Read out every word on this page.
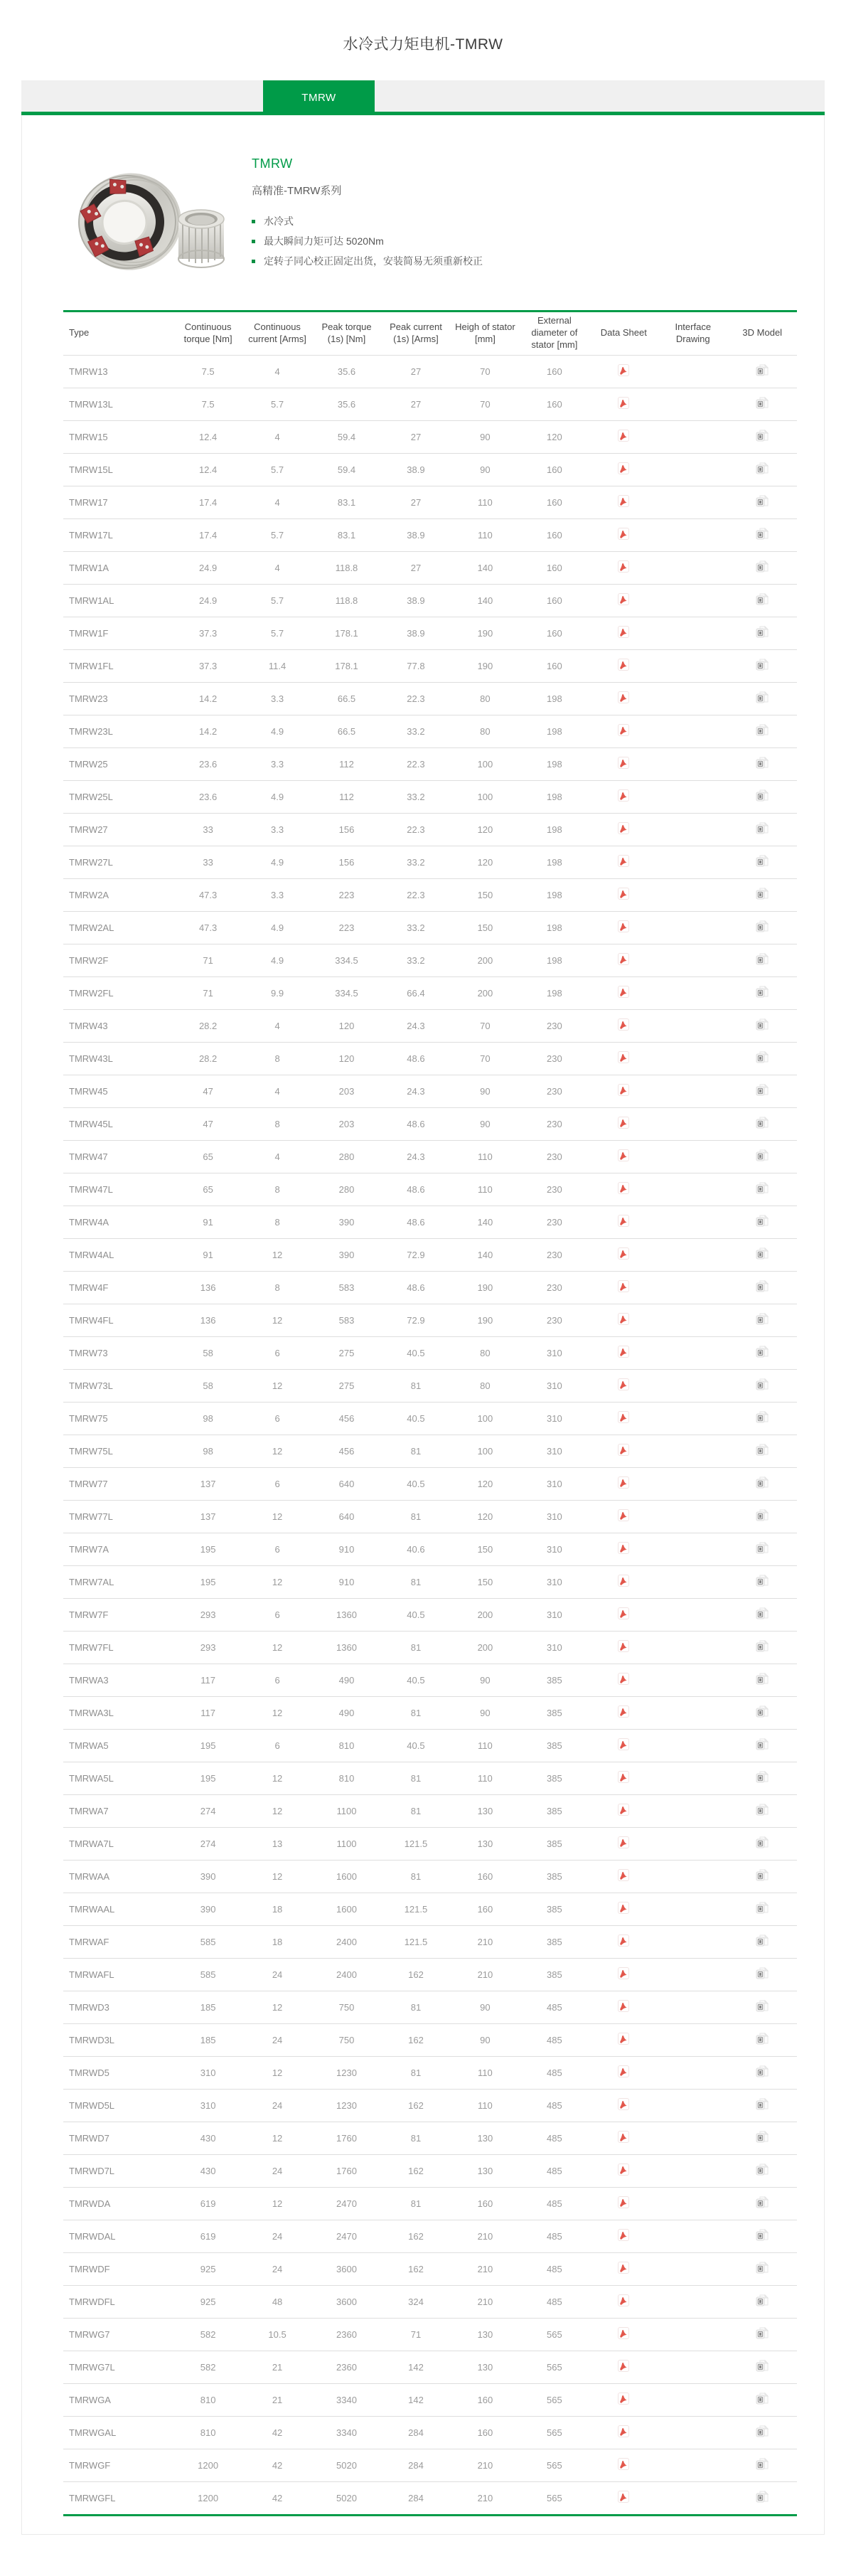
水冷式力矩电机-TMRW
TMRW
TMRW
高精准-TMRW系列
水冷式
最大瞬间力矩可达 5020Nm
定转子同心校正固定出货，安装简易无须重新校正
Type	Continuous torque [Nm]	Continuous current [Arms]	Peak torque (1s) [Nm]	Peak current (1s) [Arms]	Heigh of stator [mm]	External diameter of stator [mm]	Data Sheet	Interface Drawing	3D Model
TMRW13	7.5	4	35.6	27	70	160	

TMRW13L	7.5	5.7	35.6	27	70	160	

TMRW15	12.4	4	59.4	27	90	120	

TMRW15L	12.4	5.7	59.4	38.9	90	160	

TMRW17	17.4	4	83.1	27	110	160	

TMRW17L	17.4	5.7	83.1	38.9	110	160	

TMRW1A	24.9	4	118.8	27	140	160	

TMRW1AL	24.9	5.7	118.8	38.9	140	160	

TMRW1F	37.3	5.7	178.1	38.9	190	160	

TMRW1FL	37.3	11.4	178.1	77.8	190	160	

TMRW23	14.2	3.3	66.5	22.3	80	198	

TMRW23L	14.2	4.9	66.5	33.2	80	198	

TMRW25	23.6	3.3	112	22.3	100	198	

TMRW25L	23.6	4.9	112	33.2	100	198	

TMRW27	33	3.3	156	22.3	120	198	

TMRW27L	33	4.9	156	33.2	120	198	

TMRW2A	47.3	3.3	223	22.3	150	198	

TMRW2AL	47.3	4.9	223	33.2	150	198	

TMRW2F	71	4.9	334.5	33.2	200	198	

TMRW2FL	71	9.9	334.5	66.4	200	198	

TMRW43	28.2	4	120	24.3	70	230	

TMRW43L	28.2	8	120	48.6	70	230	

TMRW45	47	4	203	24.3	90	230	

TMRW45L	47	8	203	48.6	90	230	

TMRW47	65	4	280	24.3	110	230	

TMRW47L	65	8	280	48.6	110	230	

TMRW4A	91	8	390	48.6	140	230	

TMRW4AL	91	12	390	72.9	140	230	

TMRW4F	136	8	583	48.6	190	230	

TMRW4FL	136	12	583	72.9	190	230	

TMRW73	58	6	275	40.5	80	310	

TMRW73L	58	12	275	81	80	310	

TMRW75	98	6	456	40.5	100	310	

TMRW75L	98	12	456	81	100	310	

TMRW77	137	6	640	40.5	120	310	

TMRW77L	137	12	640	81	120	310	

TMRW7A	195	6	910	40.6	150	310	

TMRW7AL	195	12	910	81	150	310	

TMRW7F	293	6	1360	40.5	200	310	

TMRW7FL	293	12	1360	81	200	310	

TMRWA3	117	6	490	40.5	90	385	

TMRWA3L	117	12	490	81	90	385	

TMRWA5	195	6	810	40.5	110	385	

TMRWA5L	195	12	810	81	110	385	

TMRWA7	274	12	1100	81	130	385	

TMRWA7L	274	13	1100	121.5	130	385	

TMRWAA	390	12	1600	81	160	385	

TMRWAAL	390	18	1600	121.5	160	385	

TMRWAF	585	18	2400	121.5	210	385	

TMRWAFL	585	24	2400	162	210	385	

TMRWD3	185	12	750	81	90	485	

TMRWD3L	185	24	750	162	90	485	

TMRWD5	310	12	1230	81	110	485	

TMRWD5L	310	24	1230	162	110	485	

TMRWD7	430	12	1760	81	130	485	

TMRWD7L	430	24	1760	162	130	485	

TMRWDA	619	12	2470	81	160	485	

TMRWDAL	619	24	2470	162	210	485	

TMRWDF	925	24	3600	162	210	485	

TMRWDFL	925	48	3600	324	210	485	

TMRWG7	582	10.5	2360	71	130	565	

TMRWG7L	582	21	2360	142	130	565	

TMRWGA	810	21	3340	142	160	565	

TMRWGAL	810	42	3340	284	160	565	

TMRWGF	1200	42	5020	284	210	565	

TMRWGFL	1200	42	5020	284	210	565	
